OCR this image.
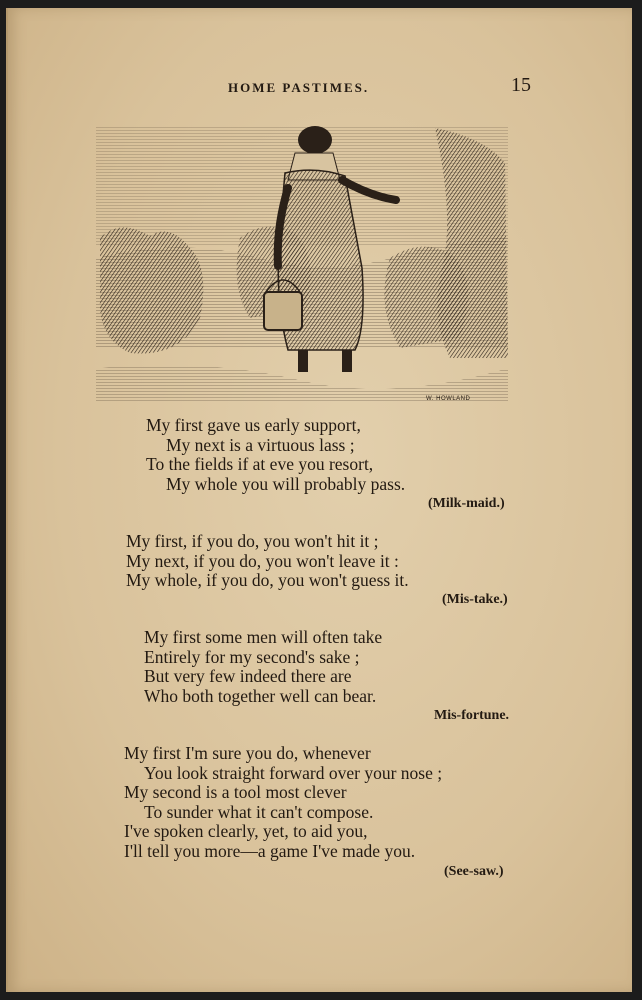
HOME PASTIMES.	15
W. HOWLAND
My first gave us early support,
My next is a virtuous lass ;
To the fields if at eve you resort,
My whole you will probably pass.
(Milk-maid.)
My first, if you do, you won't hit it ;
My next, if you do, you won't leave it :
My whole, if you do, you won't guess it.
(Mis-take.)
My first some men will often take
Entirely for my second's sake ;
But very few indeed there are
Who both together well can bear.
Mis-fortune.
My first I'm sure you do, whenever
You look straight forward over your nose ;
My second is a tool most clever
To sunder what it can't compose.
I've spoken clearly, yet, to aid you,
I'll tell you more—a game I've made you.
(See-saw.)
